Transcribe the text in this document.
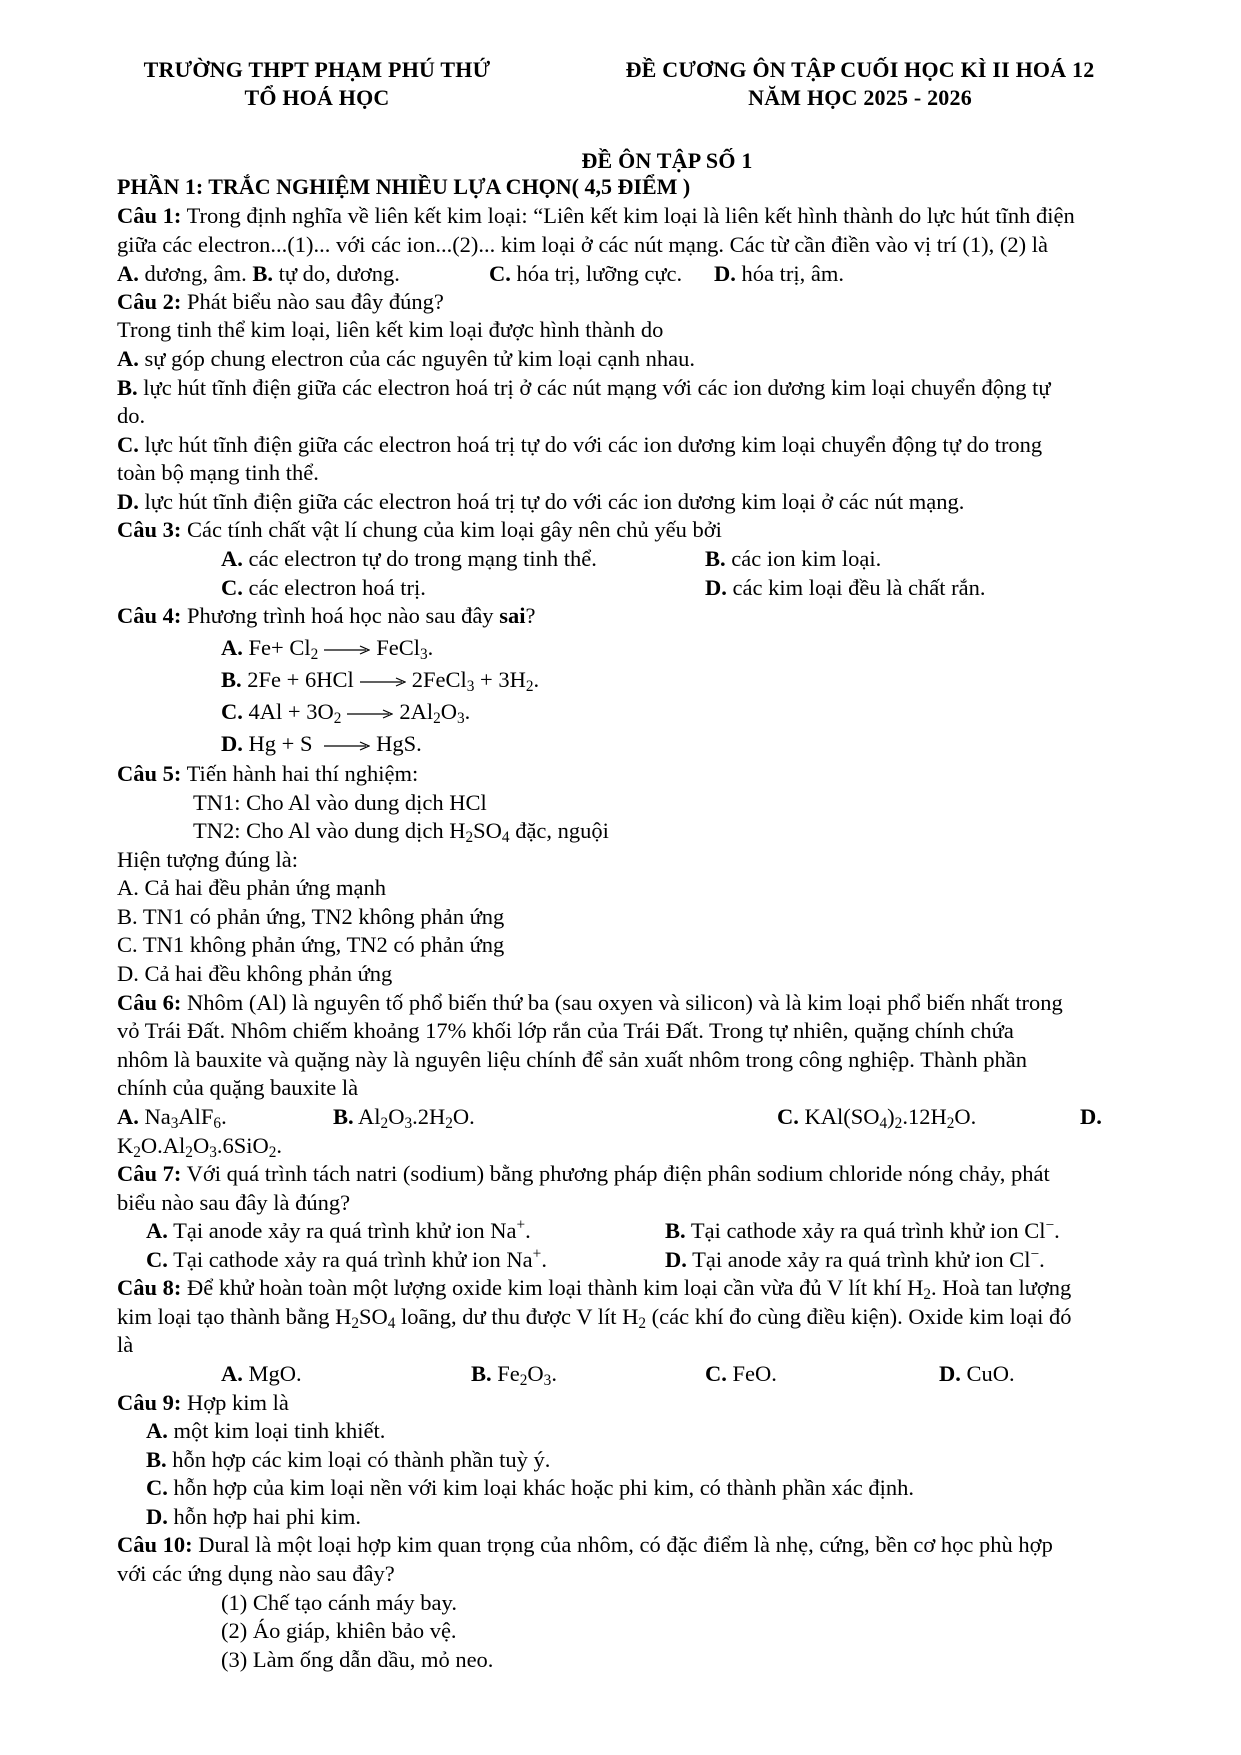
TRƯỜNG THPT PHẠM PHÚ THỨ
TỔ HOÁ HỌC
ĐỀ CƯƠNG ÔN TẬP CUỐI HỌC KÌ II HOÁ 12
NĂM HỌC 2025 - 2026
ĐỀ ÔN TẬP SỐ 1
PHẦN 1: TRẮC NGHIỆM NHIỀU LỰA CHỌN( 4,5 ĐIỂM )
Câu 1: Trong định nghĩa về liên kết kim loại: “Liên kết kim loại là liên kết hình thành do lực hút tĩnh điện
giữa các electron...(1)... với các ion...(2)... kim loại ở các nút mạng. Các từ cần điền vào vị trí (1), (2) là
A. dương, âm. B. tự do, dương.	C. hóa trị, lưỡng cực. D. hóa trị, âm.
Câu 2: Phát biểu nào sau đây đúng?
Trong tinh thể kim loại, liên kết kim loại được hình thành do
A. sự góp chung electron của các nguyên tử kim loại cạnh nhau.
B. lực hút tĩnh điện giữa các electron hoá trị ở các nút mạng với các ion dương kim loại chuyển động tự
do.
C. lực hút tĩnh điện giữa các electron hoá trị tự do với các ion dương kim loại chuyển động tự do trong
toàn bộ mạng tinh thể.
D. lực hút tĩnh điện giữa các electron hoá trị tự do với các ion dương kim loại ở các nút mạng.
Câu 3: Các tính chất vật lí chung của kim loại gây nên chủ yếu bởi
A. các electron tự do trong mạng tinh thể.	B. các ion kim loại.
C. các electron hoá trị.	D. các kim loại đều là chất rắn.
Câu 4: Phương trình hoá học nào sau đây sai?
A. $Fe+ Cl_2$ → FeCl$_3$.
B. 2Fe + 6HCl → 2FeCl$_3$ + $3H_2$.
C. $4Al + 3O_2 \to 2Al_2O_3$.
D. Hg + S → HgS.
Câu 5: Tiến hành hai thí nghiệm:
TN1: Cho Al vào dung dịch HCl
TN2: Cho Al vào dung dịch $H_2SO_4$ đặc, nguội
Hiện tượng đúng là:
A. Cả hai đều phản ứng mạnh
B. TN1 có phản ứng, TN2 không phản ứng
C. TN1 không phản ứng, TN2 có phản ứng
D. Cả hai đều không phản ứng
Câu 6: Nhôm (Al) là nguyên tố phổ biến thứ ba (sau oxyen và silicon) và là kim loại phổ biến nhất trong
vỏ Trái Đất. Nhôm chiếm khoảng 17% khối lớp rắn của Trái Đất. Trong tự nhiên, quặng chính chứa
nhôm là bauxite và quặng này là nguyên liệu chính để sản xuất nhôm trong công nghiệp. Thành phần
chính của quặng bauxite là
A. $Na_3AlF_6$.	B. $Al_2O_3.2H_2O$.	C. $KAl(SO_4)_2.12H_2O$.	D.
$K_2O.Al_2O_3.6SiO_2$.
Câu 7: Với quá trình tách natri (sodium) bằng phương pháp điện phân sodium chloride nóng chảy, phát
biểu nào sau đây là đúng?
A. Tại anode xảy ra quá trình khử ion Na+.	B. Tại cathode xảy ra quá trình khử ion Cl−.
C. Tại cathode xảy ra quá trình khử ion Na+.	D. Tại anode xảy ra quá trình khử ion Cl−.
Câu 8: Để khử hoàn toàn một lượng oxide kim loại thành kim loại cần vừa đủ V lít khí $H_2$. Hoà tan lượng
kim loại tạo thành bằng $H_2SO_4$ loãng, dư thu được V lít $H_2$ (các khí đo cùng điều kiện). Oxide kim loại đó
là
A. MgO.	B. $Fe_2O_3$.	C. FeO.	D. CuO.
Câu 9: Hợp kim là
A. một kim loại tinh khiết.
B. hỗn hợp các kim loại có thành phần tuỳ ý.
C. hỗn hợp của kim loại nền với kim loại khác hoặc phi kim, có thành phần xác định.
D. hỗn hợp hai phi kim.
Câu 10: Dural là một loại hợp kim quan trọng của nhôm, có đặc điểm là nhẹ, cứng, bền cơ học phù hợp
với các ứng dụng nào sau đây?
(1) Chế tạo cánh máy bay.
(2) Áo giáp, khiên bảo vệ.
(3) Làm ống dẫn dầu, mỏ neo.
